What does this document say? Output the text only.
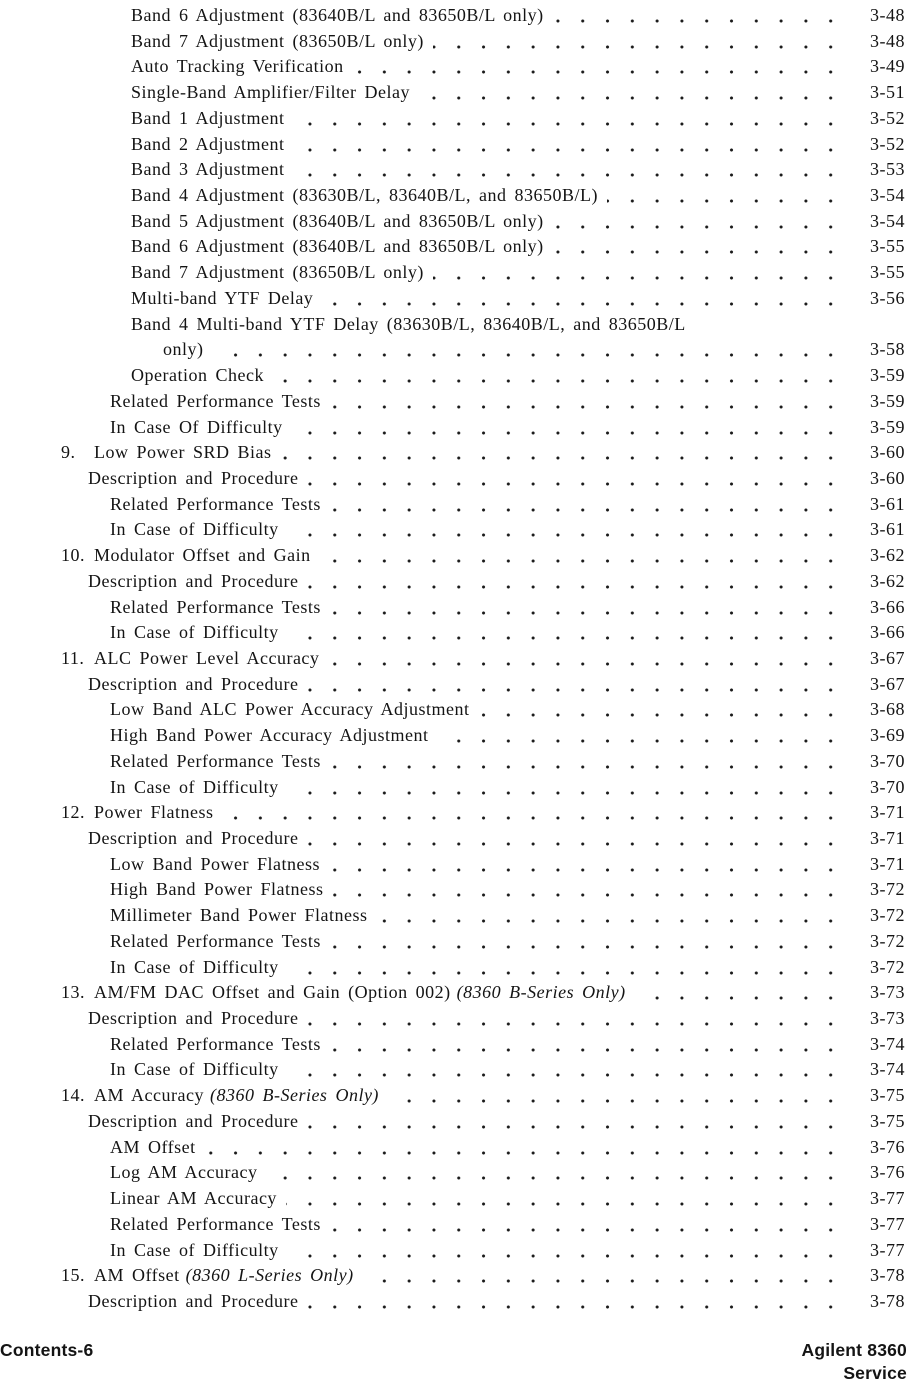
Band 6 Adjustment (83640B/L and 83650B/L only)	3-48
Band 7 Adjustment (83650B/L only)	3-48
Auto Tracking Verification	3-49
Single-Band Amplifier/Filter Delay	3-51
Band 1 Adjustment	3-52
Band 2 Adjustment	3-52
Band 3 Adjustment	3-53
Band 4 Adjustment (83630B/L, 83640B/L, and 83650B/L)	3-54
Band 5 Adjustment (83640B/L and 83650B/L only)	3-54
Band 6 Adjustment (83640B/L and 83650B/L only)	3-55
Band 7 Adjustment (83650B/L only)	3-55
Multi-band YTF Delay	3-56
Band 4 Multi-band YTF Delay (83630B/L, 83640B/L, and 83650B/L
only)	3-58
Operation Check	3-59
Related Performance Tests	3-59
In Case Of Difficulty	3-59
9. Low Power SRD Bias	3-60
Description and Procedure	3-60
Related Performance Tests	3-61
In Case of Difficulty	3-61
10. Modulator Offset and Gain	3-62
Description and Procedure	3-62
Related Performance Tests	3-66
In Case of Difficulty	3-66
11. ALC Power Level Accuracy	3-67
Description and Procedure	3-67
Low Band ALC Power Accuracy Adjustment	3-68
High Band Power Accuracy Adjustment	3-69
Related Performance Tests	3-70
In Case of Difficulty	3-70
12. Power Flatness	3-71
Description and Procedure	3-71
Low Band Power Flatness	3-71
High Band Power Flatness	3-72
Millimeter Band Power Flatness	3-72
Related Performance Tests	3-72
In Case of Difficulty	3-72
13. AM/FM DAC Offset and Gain (Option 002) (8360 B-Series Only)	3-73
Description and Procedure	3-73
Related Performance Tests	3-74
In Case of Difficulty	3-74
14. AM Accuracy (8360 B-Series Only)	3-75
Description and Procedure	3-75
AM Offset	3-76
Log AM Accuracy	3-76
Linear AM Accuracy	3-77
Related Performance Tests	3-77
In Case of Difficulty	3-77
15. AM Offset (8360 L-Series Only)	3-78
Description and Procedure	3-78
Contents-6	Agilent 8360
Service
